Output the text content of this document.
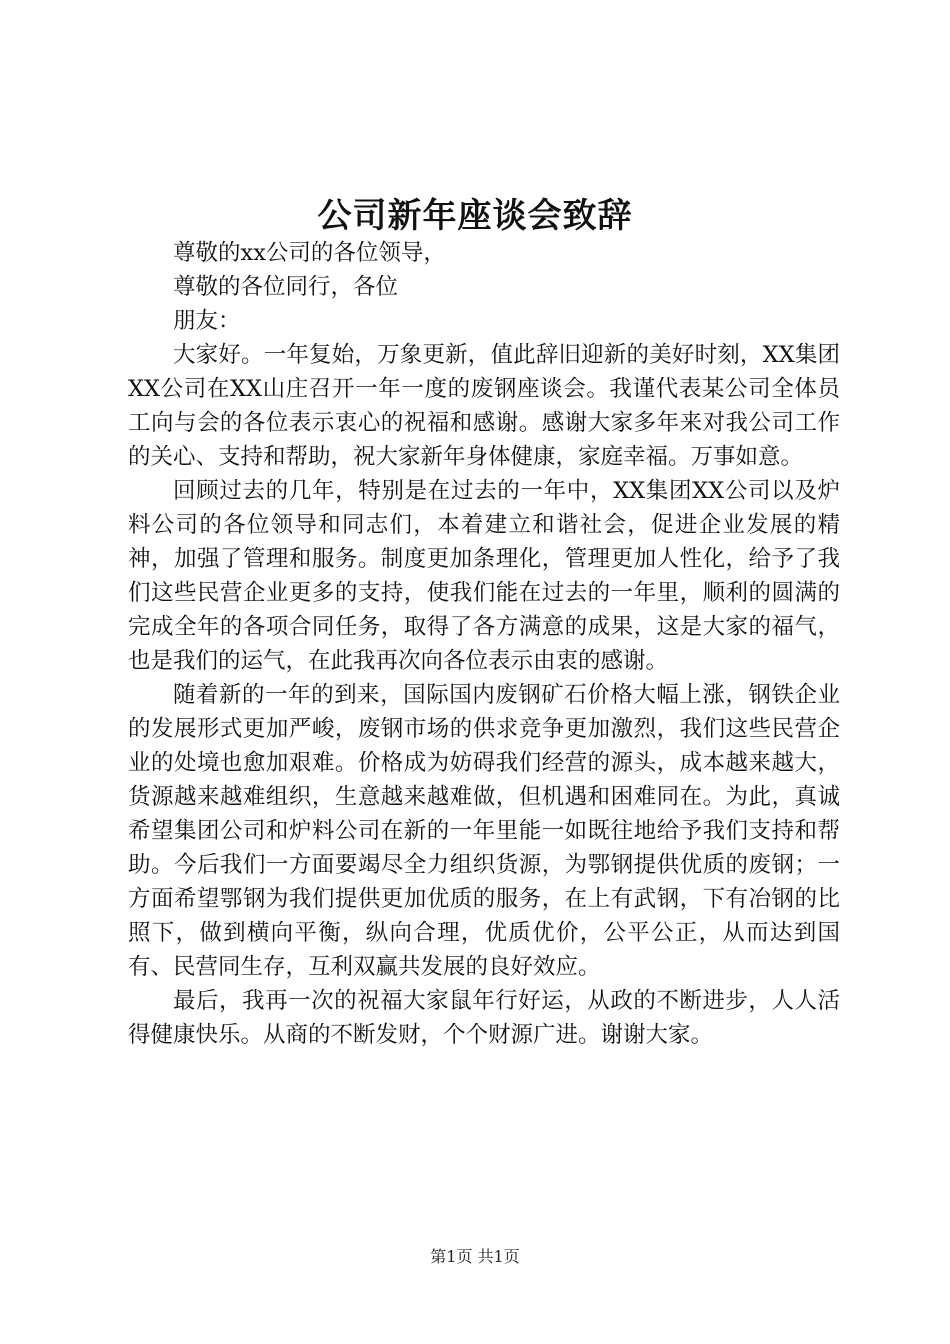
公司新年座谈会致辞

尊敬的xx公司的各位领导，

尊敬的各位同行，各位

朋友：

大家好。一年复始，万象更新，值此辞旧迎新的美好时刻，XX集团XX公司在XX山庄召开一年一度的废钢座谈会。我谨代表某公司全体员工向与会的各位表示衷心的祝福和感谢。感谢大家多年来对我公司工作的关心、支持和帮助，祝大家新年身体健康，家庭幸福。万事如意。

回顾过去的几年，特别是在过去的一年中，XX集团XX公司以及炉料公司的各位领导和同志们，本着建立和谐社会，促进企业发展的精神，加强了管理和服务。制度更加条理化，管理更加人性化，给予了我们这些民营企业更多的支持，使我们能在过去的一年里，顺利的圆满的完成全年的各项合同任务，取得了各方满意的成果，这是大家的福气，也是我们的运气，在此我再次向各位表示由衷的感谢。

随着新的一年的到来，国际国内废钢矿石价格大幅上涨，钢铁企业的发展形式更加严峻，废钢市场的供求竞争更加激烈，我们这些民营企业的处境也愈加艰难。价格成为妨碍我们经营的源头，成本越来越大，货源越来越难组织，生意越来越难做，但机遇和困难同在。为此，真诚希望集团公司和炉料公司在新的一年里能一如既往地给予我们支持和帮助。今后我们一方面要竭尽全力组织货源，为鄂钢提供优质的废钢；一方面希望鄂钢为我们提供更加优质的服务，在上有武钢，下有冶钢的比照下，做到横向平衡，纵向合理，优质优价，公平公正，从而达到国有、民营同生存，互利双赢共发展的良好效应。

最后，我再一次的祝福大家鼠年行好运，从政的不断进步，人人活得健康快乐。从商的不断发财，个个财源广进。谢谢大家。

第1页 共1页
